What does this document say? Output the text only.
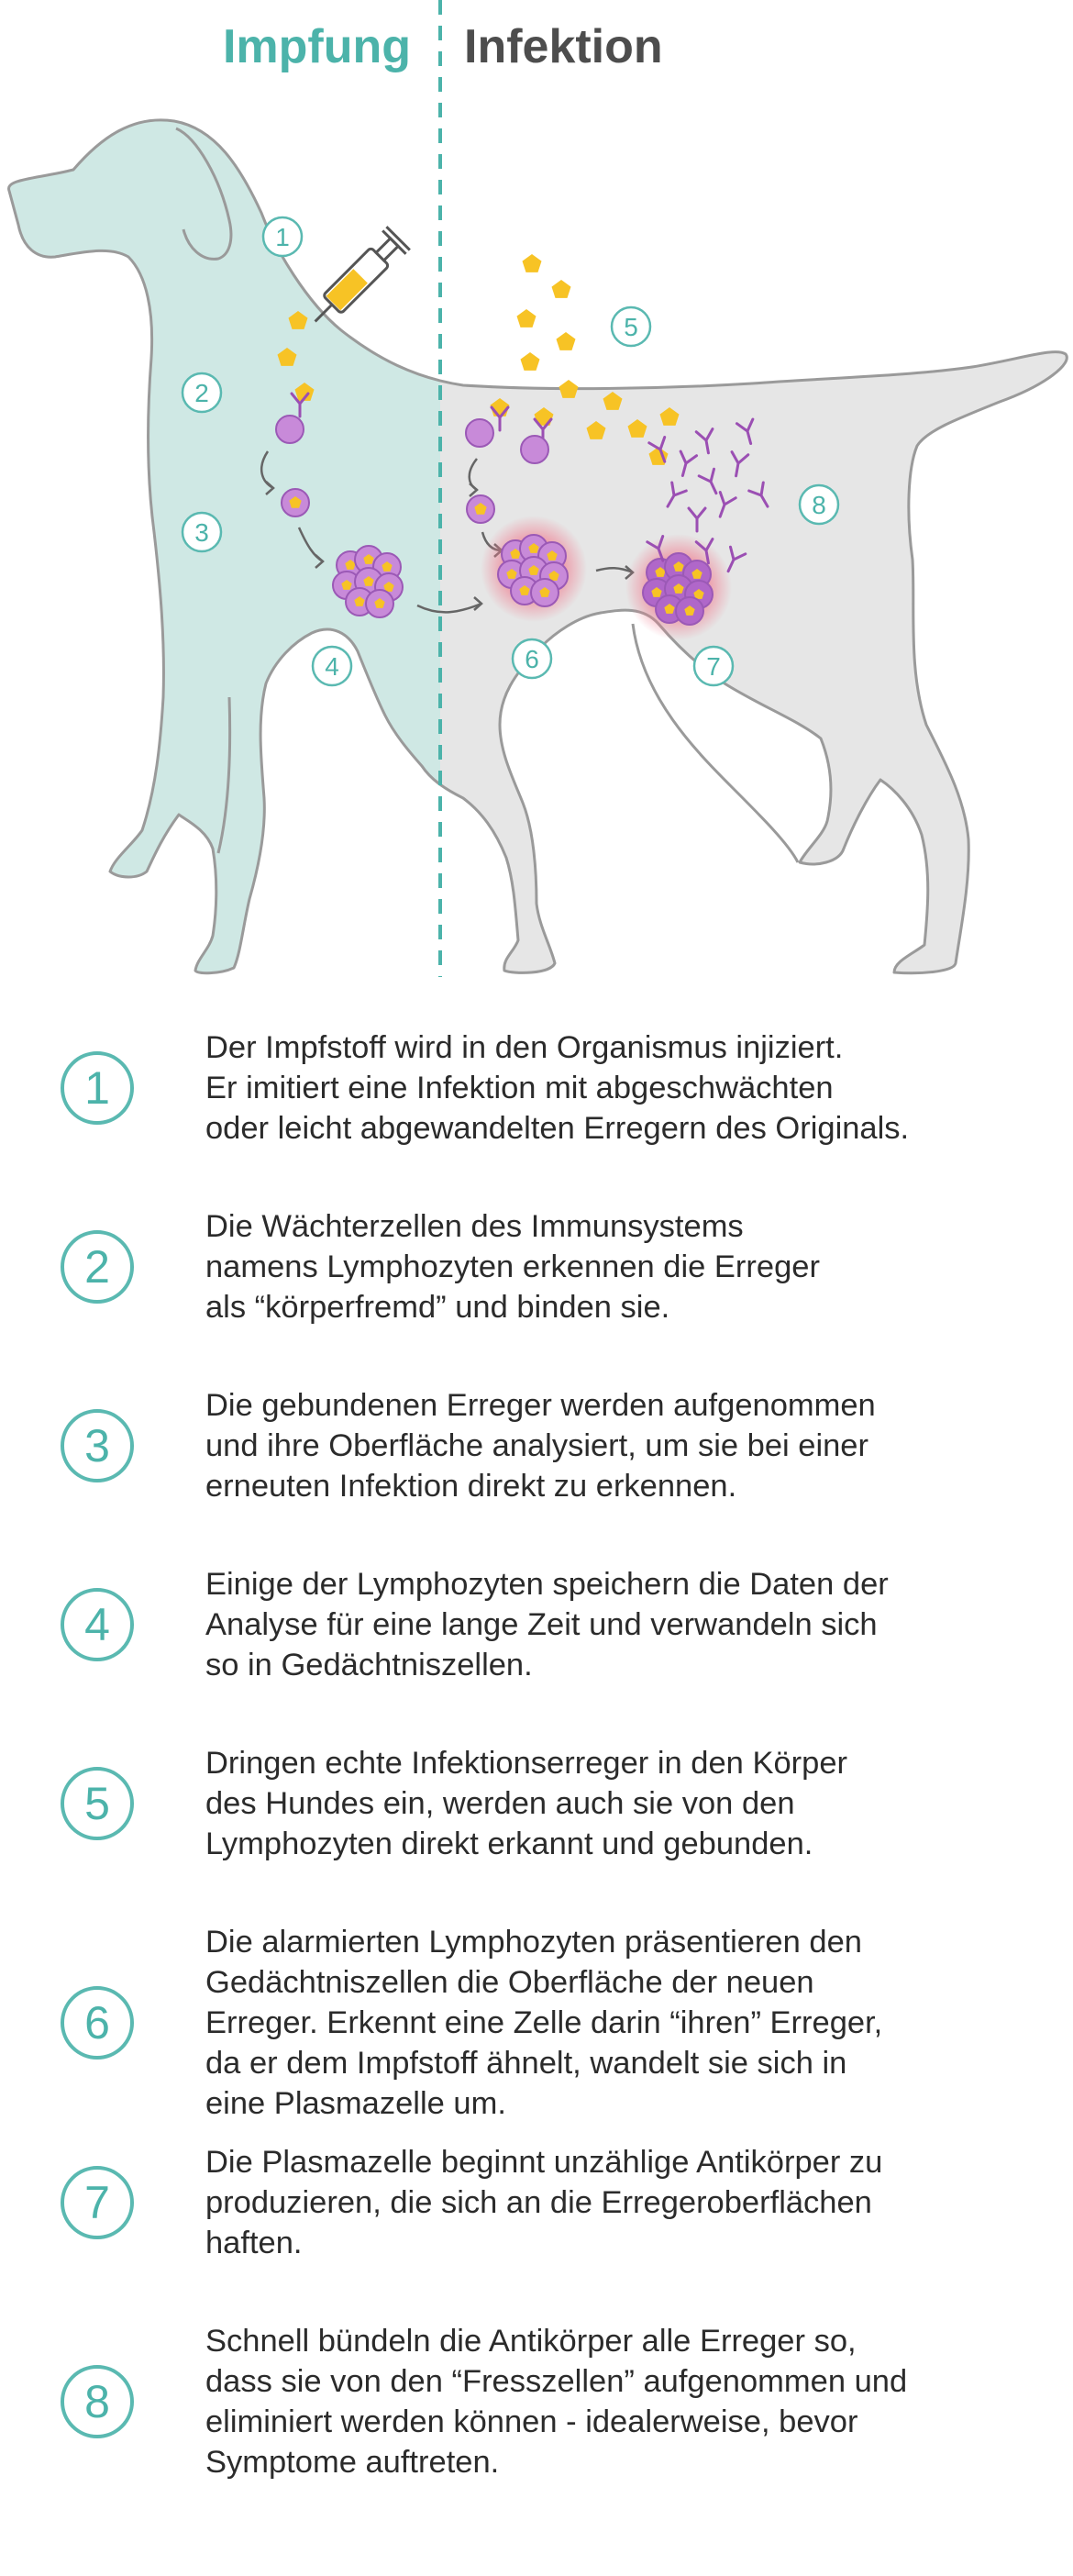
1
2
3
4
5
6	7
8
Impfung Infektion
1
Der Impfstoff wird in den Organismus injiziert.
Er imitiert eine Infektion mit abgeschwächten
oder leicht abgewandelten Erregern des Originals.
2
Die Wächterzellen des Immunsystems
namens Lymphozyten erkennen die Erreger
als “körperfremd” und binden sie.
3
Die gebundenen Erreger werden aufgenommen
und ihre Oberfläche analysiert, um sie bei einer
erneuten Infektion direkt zu erkennen.
4
Einige der Lymphozyten speichern die Daten der
Analyse für eine lange Zeit und verwandeln sich
so in Gedächtniszellen.
5
Dringen echte Infektionserreger in den Körper
des Hundes ein, werden auch sie von den
Lymphozyten direkt erkannt und gebunden.
6
Die alarmierten Lymphozyten präsentieren den
Gedächtniszellen die Oberfläche der neuen
Erreger. Erkennt eine Zelle darin “ihren” Erreger,
da er dem Impfstoff ähnelt, wandelt sie sich in
eine Plasmazelle um.
7
Die Plasmazelle beginnt unzählige Antikörper zu
produzieren, die sich an die Erregeroberflächen
haften.
8
Schnell bündeln die Antikörper alle Erreger so,
dass sie von den “Fresszellen” aufgenommen und
eliminiert werden können - idealerweise, bevor
Symptome auftreten.
